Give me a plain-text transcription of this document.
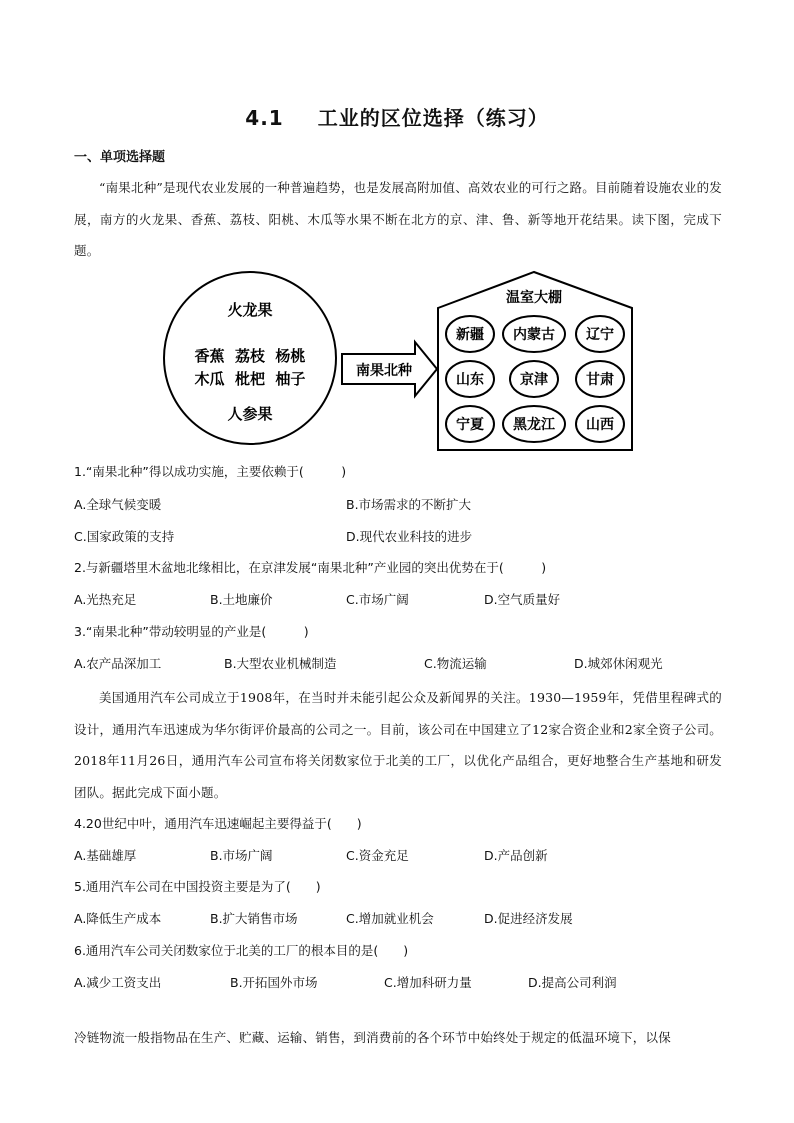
4.1 工业的区位选择（练习）
一、单项选择题
“南果北种”是现代农业发展的一种普遍趋势，也是发展高附加值、高效农业的可行之路。目前随着设施农业的发展，南方的火龙果、香蕉、荔枝、阳桃、木瓜等水果不断在北方的京、津、鲁、新等地开花结果。读下图，完成下题。
火龙果
香蕉  荔枝  杨桃
木瓜  枇杷  柚子
人参果
南果北种
温室大棚
新疆 内蒙古 辽宁
山东	京津	甘肃
宁夏 黑龙江 山西
1.“南果北种”得以成功实施，主要依赖于(　　　)
A.全球气候变暖	B.市场需求的不断扩大
C.国家政策的支持	D.现代农业科技的进步
2.与新疆塔里木盆地北缘相比，在京津发展“南果北种”产业园的突出优势在于(　　　)
A.光热充足	B.土地廉价	C.市场广阔	D.空气质量好
3.“南果北种”带动较明显的产业是(　　　)
A.农产品深加工	B.大型农业机械制造	C.物流运输	D.城郊休闲观光
美国通用汽车公司成立于1908年，在当时并未能引起公众及新闻界的关注。1930—1959年，凭借里程碑式的设计，通用汽车迅速成为华尔街评价最高的公司之一。目前，该公司在中国建立了12家合资企业和2家全资子公司。2018年11月26日，通用汽车公司宣布将关闭数家位于北美的工厂，以优化产品组合，更好地整合生产基地和研发团队。据此完成下面小题。
4.20世纪中叶，通用汽车迅速崛起主要得益于(　　)
A.基础雄厚	B.市场广阔	C.资金充足	D.产品创新
5.通用汽车公司在中国投资主要是为了(　　)
A.降低生产成本	B.扩大销售市场	C.增加就业机会	D.促进经济发展
6.通用汽车公司关闭数家位于北美的工厂的根本目的是(　　)
A.减少工资支出	B.开拓国外市场	C.增加科研力量	D.提高公司利润
冷链物流一般指物品在生产、贮藏、运输、销售，到消费前的各个环节中始终处于规定的低温环境下，以保
